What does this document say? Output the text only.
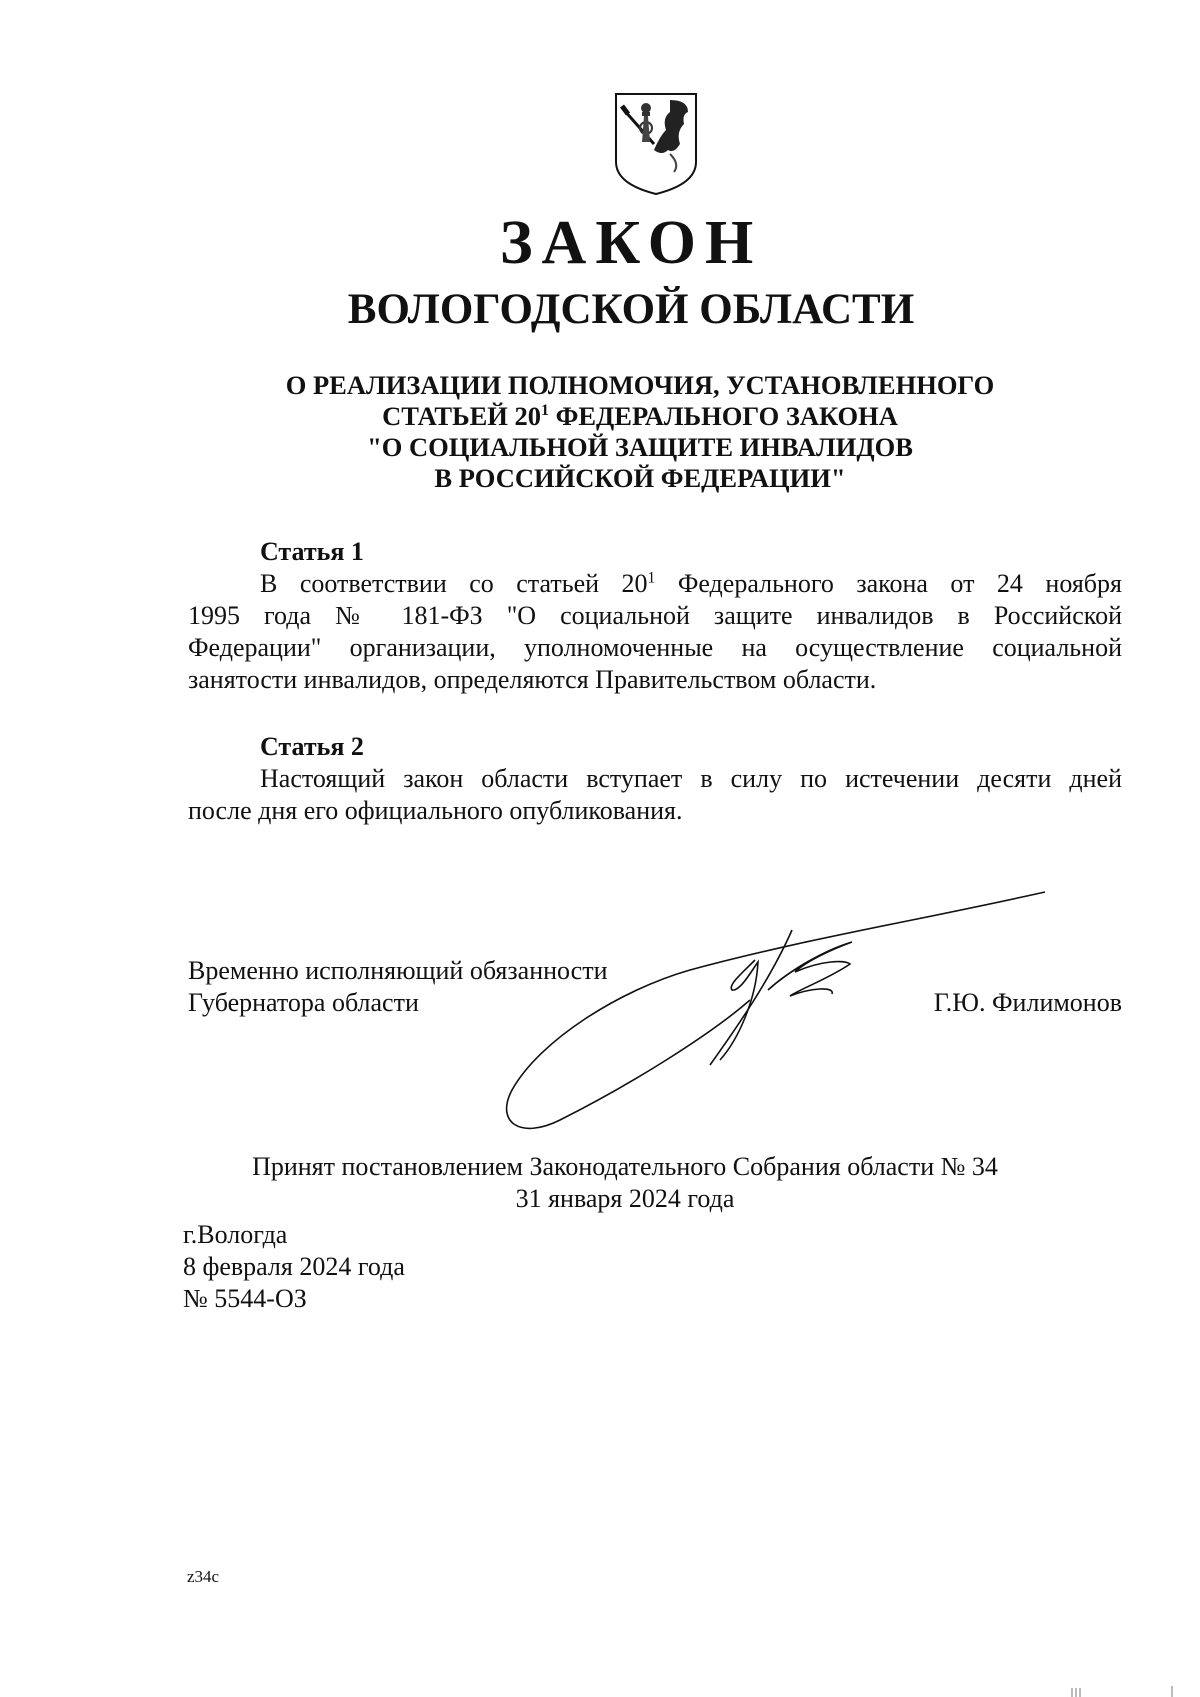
ЗАКОН
ВОЛОГОДСКОЙ ОБЛАСТИ
О РЕАЛИЗАЦИИ ПОЛНОМОЧИЯ, УСТАНОВЛЕННОГО
СТАТЬЕЙ $20^1$ ФЕДЕРАЛЬНОГО ЗАКОНА
"О СОЦИАЛЬНОЙ ЗАЩИТЕ ИНВАЛИДОВ
В РОССИЙСКОЙ ФЕДЕРАЦИИ"
Статья 1
В соответствии со статьей $20^1$ Федерального закона от 24 ноября
1995 года № 181-ФЗ "О социальной защите инвалидов в Российской
Федерации" организации, уполномоченные на осуществление социальной
занятости инвалидов, определяются Правительством области.
Статья 2
Настоящий закон области вступает в силу по истечении десяти дней
после дня его официального опубликования.
Временно исполняющий обязанности
Губернатора области	Г.Ю. Филимонов
Принят постановлением Законодательного Собрания области № 34
31 января 2024 года
г.Вологда
8 февраля 2024 года
№ 5544-ОЗ
z34c
